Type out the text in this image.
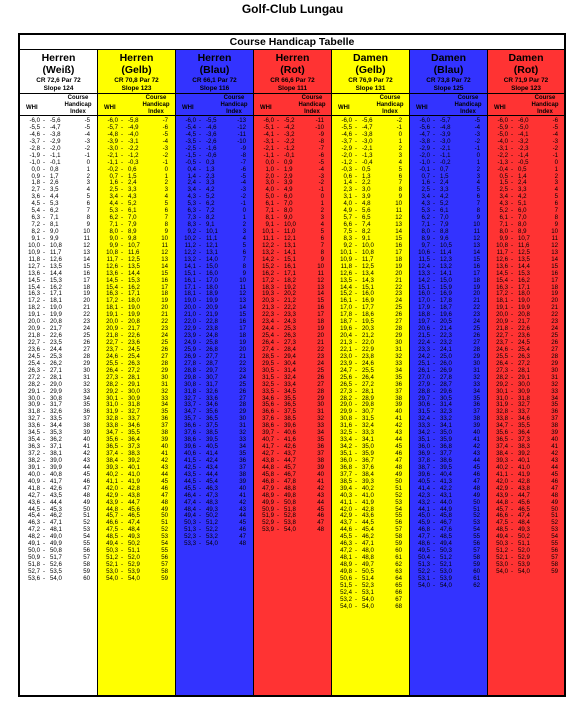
Golf-Club Lungau
Course Handicap Tabelle
Herren
(Weiß)
CR 72,6 Par 72
Slope 124
WHI
Course Handicap Index
-6,0 - -5,6	-5
-5,5 - -4,7	-5
-4,6 - -3,8	-4
-3,7 - -2,9	-3
-2,8 - -2,0	-2
-1,9 - -1,1	-1
-1,0 - -0,1	0
0,0 - 0,8	1
0,9 - 1,7	2
1,8 - 2,6	3
2,7 - 3,5	4
3,6 - 4,4	5
4,5 - 5,3	6
5,4 - 6,2	7
6,3 - 7,1	8
7,2 - 8,1	9
8,2 - 9,0	10
9,1 - 9,9	11
10,0 - 10,8	12
10,9 - 11,7	13
11,8 - 12,6	14
12,7 - 13,5	15
13,6 - 14,4	16
14,5 - 15,3	17
15,4 - 16,2	18
16,3 - 17,1	19
17,2 - 18,1	20
18,2 - 19,0	21
19,1 - 19,9	22
20,0 - 20,8	23
20,9 - 21,7	24
21,8 - 22,6	25
22,7 - 23,5	26
23,6 - 24,4	27
24,5 - 25,3	28
25,4 - 26,2	29
26,3 - 27,1	30
27,2 - 28,1	31
28,2 - 29,0	32
29,1 - 29,9	33
30,0 - 30,8	34
30,9 - 31,7	35
31,8 - 32,6	36
32,7 - 33,5	37
33,6 - 34,4	38
34,5 - 35,3	39
35,4 - 36,2	40
36,3 - 37,1	41
37,2 - 38,1	42
38,2 - 39,0	43
39,1 - 39,9	44
40,0 - 40,8	45
40,9 - 41,7	46
41,8 - 42,6	47
42,7 - 43,5	48
43,6 - 44,4	49
44,5 - 45,3	50
45,4 - 46,2	51
46,3 - 47,1	52
47,2 - 48,1	53
48,2 - 49,0	54
49,1 - 49,9	55
50,0 - 50,8	56
50,9 - 51,7	57
51,8 - 52,6	58
52,7 - 53,5	59
53,6 - 54,0	60
Herren
(Gelb)
CR 70,8 Par 72
Slope 123
WHI
Course Handicap Index
-6,0 - -5,8	-7
-5,7 - -4,9	-6
-4,8 - -4,0	-5
-3,9 - -3,1	-4
-3,0 - -2,2	-3
-2,1 - -1,2	-2
-1,1 - -0,3	-1
-0,2 - 0,6	0
0,7 - 1,5	1
1,6 - 2,4	2
2,5 - 3,3	3
3,4 - 4,3	4
4,4 - 5,2	5
5,3 - 6,1	6
6,2 - 7,0	7
7,1 - 7,9	8
8,0 - 8,9	9
9,0 - 9,8	10
9,9 - 10,7	11
10,8 - 11,6	12
11,7 - 12,5	13
12,6 - 13,5	14
13,6 - 14,4	15
14,5 - 15,3	16
15,4 - 16,2	17
16,3 - 17,1	18
17,2 - 18,0	19
18,1 - 19,0	20
19,1 - 19,9	21
20,0 - 20,8	22
20,9 - 21,7	23
21,8 - 22,6	24
22,7 - 23,6	25
23,7 - 24,5	26
24,6 - 25,4	27
25,5 - 26,3	28
26,4 - 27,2	29
27,3 - 28,1	30
28,2 - 29,1	31
29,2 - 30,0	32
30,1 - 30,9	33
31,0 - 31,8	34
31,9 - 32,7	35
32,8 - 33,7	36
33,8 - 34,6	37
34,7 - 35,5	38
35,6 - 36,4	39
36,5 - 37,3	40
37,4 - 38,3	41
38,4 - 39,2	42
39,3 - 40,1	43
40,2 - 41,0	44
41,1 - 41,9	45
42,0 - 42,8	46
42,9 - 43,8	47
43,9 - 44,7	48
44,8 - 45,6	49
45,7 - 46,5	50
46,6 - 47,4	51
47,5 - 48,4	52
48,5 - 49,3	53
49,4 - 50,2	54
50,3 - 51,1	55
51,2 - 52,0	56
52,1 - 52,9	57
53,0 - 53,9	58
54,0 - 54,0	59
Herren
(Blau)
CR 66,1 Par 72
Slope 116
WHI
Course Handicap Index
-6,0 - -5,5	-13
-5,4 - -4,6	-12
-4,5 - -3,6	-11
-3,5 - -2,6	-10
-2,5 - -1,6	-9
-1,5 - -0,6	-8
-0,5 - 0,3	-7
0,4 - 1,3	-6
1,4 - 2,3	-5
2,4 - 3,3	-4
3,4 - 4,2	-3
4,3 - 5,2	-2
5,3 - 6,2	-1
6,3 - 7,2	0
7,3 - 8,2	1
8,3 - 9,1	2
9,2 - 10,1	3
10,2 - 11,1	4
11,2 - 12,1	5
12,2 - 13,1	6
13,2 - 14,0	7
14,1 - 15,0	8
15,1 - 16,0	9
16,1 - 17,0	10
17,1 - 18,0	11
18,1 - 18,9	12
19,0 - 19,9	13
20,0 - 20,9	14
21,0 - 21,9	15
22,0 - 22,8	16
22,9 - 23,8	17
23,9 - 24,8	18
24,9 - 25,8	19
25,9 - 26,8	20
26,9 - 27,7	21
27,8 - 28,7	22
28,8 - 29,7	23
29,8 - 30,7	24
30,8 - 31,7	25
31,8 - 32,6	26
32,7 - 33,6	27
33,7 - 34,6	28
34,7 - 35,6	29
35,7 - 36,5	30
36,6 - 37,5	31
37,6 - 38,5	32
38,6 - 39,5	33
39,6 - 40,5	34
40,6 - 41,4	35
41,5 - 42,4	36
42,5 - 43,4	37
43,5 - 44,4	38
44,5 - 45,4	39
45,5 - 46,3	40
46,4 - 47,3	41
47,4 - 48,3	42
48,4 - 49,3	43
49,4 - 50,2	44
50,3 - 51,2	45
51,3 - 52,2	46
52,3 - 53,2	47
53,3 - 54,0	48
Herren
(Rot)
CR 66,6 Par 72
Slope 111
WHI
Course Handicap Index
-6,0 - -5,2	-11
-5,1 - -4,2	-10
-4,1 - -3,2	-9
-3,1 - -2,2	-8
-2,1 - -1,2	-7
-1,1 - -0,1	-6
0,0 - 0,9	-5
1,0 - 1,9	-4
2,0 - 2,9	-3
3,0 - 3,9	-2
4,0 - 4,9	-1
5,0 - 6,0	0
6,1 - 7,0	1
7,1 - 8,0	2
8,1 - 9,0	3
9,1 - 10,0	4
10,1 - 11,0	5
11,1 - 12,1	6
12,2 - 13,1	7
13,2 - 14,1	8
14,2 - 15,1	9
15,2 - 16,1	10
16,2 - 17,1	11
17,2 - 18,2	12
18,3 - 19,2	13
19,3 - 20,2	14
20,3 - 21,2	15
21,3 - 22,2	16
22,3 - 23,3	17
23,4 - 24,3	18
24,4 - 25,3	19
25,4 - 26,3	20
26,4 - 27,3	21
27,4 - 28,4	22
28,5 - 29,4	23
29,5 - 30,4	24
30,5 - 31,4	25
31,5 - 32,4	26
32,5 - 33,4	27
33,5 - 34,5	28
34,6 - 35,5	29
35,6 - 36,5	30
36,6 - 37,5	31
37,6 - 38,5	32
38,6 - 39,6	33
39,7 - 40,6	34
40,7 - 41,6	35
41,7 - 42,6	36
42,7 - 43,7	37
43,8 - 44,7	38
44,8 - 45,7	39
45,8 - 46,7	40
46,8 - 47,8	41
47,9 - 48,8	42
48,9 - 49,8	43
49,9 - 50,8	44
50,9 - 51,8	45
51,9 - 52,8	46
52,9 - 53,8	47
53,9 - 54,0	48
Damen
(Gelb)
CR 76,9 Par 72
Slope 131
WHI
Course Handicap Index
-6,0 - -5,6	-2
-5,5 - -4,7	-1
-4,6 - -3,8	0
-3,7 - -3,0	1
-2,9 - -2,1	2
-2,0 - -1,3	3
-1,2 - -0,4	4
-0,3 - 0,5	5
0,6 - 1,3	6
1,4 - 2,2	7
2,3 - 3,0	8
3,1 - 3,9	9
4,0 - 4,8	10
4,9 - 5,6	11
5,7 - 6,5	12
6,6 - 7,4	13
7,5 - 8,2	14
8,3 - 9,1	15
9,2 - 10,0	16
10,1 - 10,8	17
10,9 - 11,7	18
11,8 - 12,5	19
12,6 - 13,4	20
13,5 - 14,3	21
14,4 - 15,1	22
15,2 - 16,0	23
16,1 - 16,9	24
17,0 - 17,7	25
17,8 - 18,6	26
18,7 - 19,5	27
19,6 - 20,3	28
20,4 - 21,2	29
21,3 - 22,0	30
22,1 - 22,9	31
23,0 - 23,8	32
23,9 - 24,6	33
24,7 - 25,5	34
25,6 - 26,4	35
26,5 - 27,2	36
27,3 - 28,1	37
28,2 - 28,9	38
29,0 - 29,8	39
29,9 - 30,7	40
30,8 - 31,5	41
31,6 - 32,4	42
32,5 - 33,3	43
33,4 - 34,1	44
34,2 - 35,0	45
35,1 - 35,9	46
36,0 - 36,7	47
36,8 - 37,6	48
37,7 - 38,4	49
38,5 - 39,3	50
39,4 - 40,2	51
40,3 - 41,0	52
41,1 - 41,9	53
42,0 - 42,8	54
42,9 - 43,6	55
43,7 - 44,5	56
44,6 - 45,4	57
45,5 - 46,2	58
46,3 - 47,1	59
47,2 - 48,0	60
48,1 - 48,8	61
48,9 - 49,7	62
49,8 - 50,5	63
50,6 - 51,4	64
51,5 - 52,3	65
52,4 - 53,1	66
53,2 - 54,0	67
54,0 - 54,0	68
Damen
(Blau)
CR 73,8 Par 72
Slope 125
WHI
Course Handicap Index
-6,0 - -5,7	-5
-5,6 - -4,8	-4
-4,7 - -3,9	-3
-3,8 - -3,0	-2
-2,9 - -2,1	-1
-2,0 - -1,1	0
-1,0 - -0,2	1
-0,1 - 0,7	2
0,7 - 1,5	3
1,6 - 2,4	4
2,5 - 3,3	5
3,4 - 4,2	6
4,3 - 5,2	7
5,3 - 6,1	8
6,2 - 7,0	9
7,1 - 7,9	10
8,0 - 8,8	11
8,9 - 9,6	12
9,7 - 10,5	13
10,6 - 11,4	14
11,5 - 12,3	15
12,4 - 13,2	16
13,3 - 14,1	17
14,2 - 15,0	18
15,1 - 15,9	19
16,0 - 16,9	20
17,0 - 17,8	21
17,9 - 18,7	22
18,8 - 19,6	23
19,7 - 20,5	24
20,6 - 21,4	25
21,5 - 22,3	26
22,4 - 23,2	27
23,3 - 24,1	28
24,2 - 25,0	29
25,1 - 26,0	30
26,1 - 26,9	31
27,0 - 27,8	32
27,9 - 28,7	33
28,8 - 29,6	34
29,7 - 30,5	35
30,6 - 31,4	36
31,5 - 32,3	37
32,4 - 33,2	38
33,3 - 34,1	39
34,2 - 35,0	40
35,1 - 35,9	41
36,0 - 36,8	42
36,9 - 37,7	43
37,8 - 38,6	44
38,7 - 39,5	45
39,6 - 40,4	46
40,5 - 41,3	47
41,4 - 42,2	48
42,3 - 43,1	49
43,2 - 44,0	50
44,1 - 44,9	51
45,0 - 45,8	52
45,9 - 46,7	53
46,8 - 47,6	54
47,7 - 48,5	55
48,6 - 49,4	56
49,5 - 50,3	57
50,4 - 51,2	58
51,3 - 52,1	59
52,2 - 53,0	60
53,1 - 53,9	61
54,0 - 54,0	62
Damen
(Rot)
CR 71,9 Par 72
Slope 123
WHI
Course Handicap Index
-6,0 - -6,0	-6
-5,9 - -5,0	-5
-5,0 - -4,1	-4
-4,0 - -3,2	-3
-3,1 - -2,3	-2
-2,2 - -1,4	-1
-1,3 - -0,5	0
-0,4 - 0,5	1
0,5 - 1,4	2
1,5 - 2,4	3
2,5 - 3,3	4
3,4 - 4,2	5
4,3 - 5,1	6
5,2 - 6,0	7
6,1 - 7,0	8
7,1 - 8,0	9
8,0 - 8,9	10
9,9 - 10,7	11
10,8 - 11,6	12
11,7 - 12,5	13
12,6 - 13,5	14
13,6 - 14,4	15
14,5 - 15,3	16
15,4 - 16,2	17
16,3 - 17,1	18
17,2 - 18,0	19
18,1 - 19,0	20
19,1 - 19,9	21
20,0 - 20,8	22
20,9 - 21,7	23
21,8 - 22,6	24
22,7 - 23,6	25
23,7 - 24,5	26
24,6 - 25,4	27
25,5 - 26,3	28
26,4 - 27,2	29
27,3 - 28,1	30
28,2 - 29,1	31
29,2 - 30,0	32
30,1 - 30,9	33
31,0 - 31,8	34
31,9 - 32,7	35
32,8 - 33,7	36
33,8 - 34,6	37
34,7 - 35,5	38
35,6 - 36,4	39
36,5 - 37,3	40
37,4 - 38,3	41
38,4 - 39,2	42
39,3 - 40,1	43
40,2 - 41,0	44
41,1 - 41,9	45
42,0 - 42,8	46
42,9 - 43,8	47
43,9 - 44,7	48
44,8 - 45,6	49
45,7 - 46,5	50
46,6 - 47,4	51
47,5 - 48,4	52
48,5 - 49,3	53
49,4 - 50,2	54
50,3 - 51,1	55
51,2 - 52,0	56
52,1 - 52,9	57
53,0 - 53,9	58
54,0 - 54,0	59
